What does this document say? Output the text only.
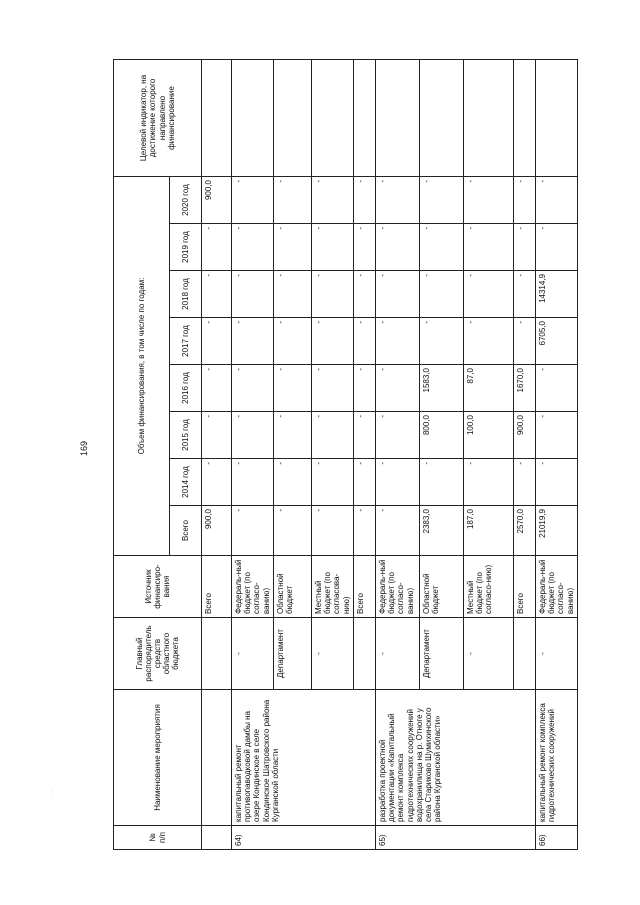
169
· · ·
№ п/п	Наименование мероприятия	Главный распорядитель средств областного бюджета	Источник финансиро-вания	Объем финансирования, в том числе по годам:								Целевой индикатор, на достижение которого направлено финансирование
				Всего	2014 год	2015 год	2016 год	2017 год	2018 год	2019 год	2020 год	
			Всего	900,0	-	-	-	-	-	-	900,0	
64)	капитальный ремонт противопаводковой дамбы на озере Кондинское в селе Кондинское Шатровского района Курганской области	-	Федераль-ный бюджет (по согласо-ванию)	-	-	-	-	-	-	-	-	
		Департамент	Областной бюджет	-	-	-	-	-	-	-	-	
		-	Местный бюджет (по согласова-нию)	-	-	-	-	-	-	-	-	
			Всего	-	-	-	-	-	-	-	-	
65)	разработка проектной документации «Капитальный ремонт комплекса гидротехнических сооружений водохранилища на р. Отноге у села Стариково Шумихинского района Курганской области»	-	Федераль-ный бюджет (по согласо-ванию)	-	-	-	-	-	-	-	-	
		Департамент	Областной бюджет	2383,0	-	800,0	1583,0	-	-	-	-	
		-	Местный бюджет (по согласо-нию)	187,0	-	100,0	87,0	-	-	-	-	
			Всего	2570,0	-	900,0	1670,0	-	-	-	-	
66)	капитальный ремонт комплекса гидротехнических сооружений	-	Федераль-ный бюджет (по согласо-ванию)	21019,9	-	-	-	6705,0	14314,9	-	-	
